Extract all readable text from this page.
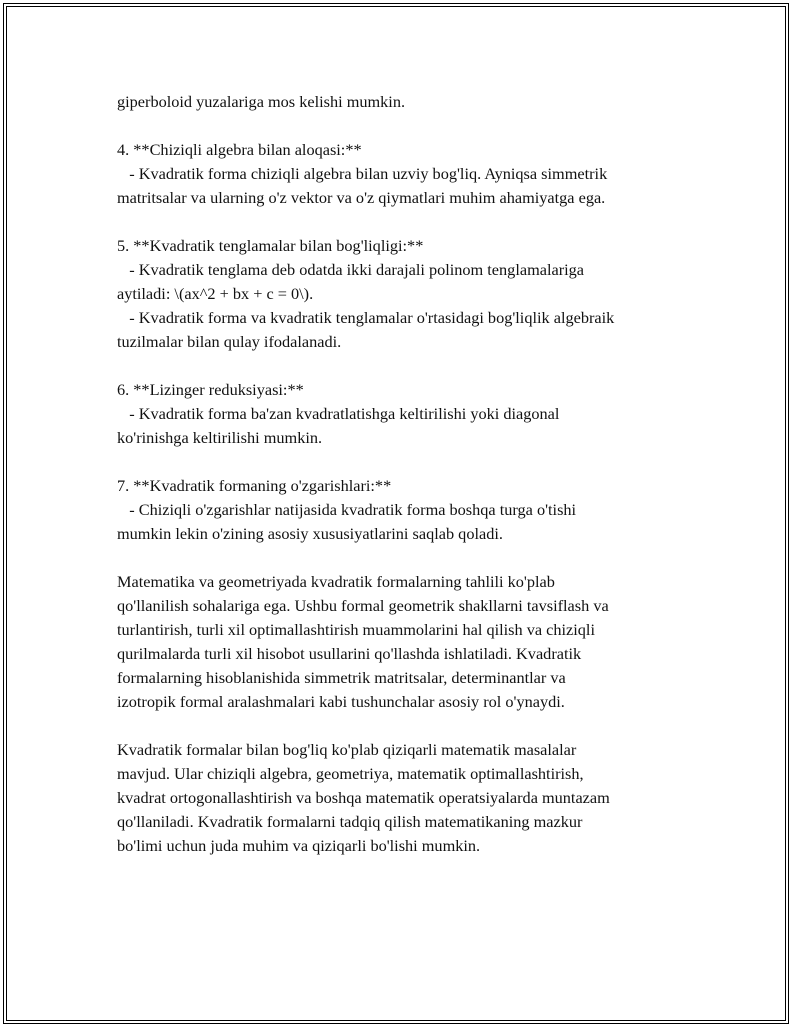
giperboloid yuzalariga mos kelishi mumkin.
4. **Chiziqli algebra bilan aloqasi:**
- Kvadratik forma chiziqli algebra bilan uzviy bog'liq. Ayniqsa simmetrik
matritsalar va ularning o'z vektor va o'z qiymatlari muhim ahamiyatga ega.
5. **Kvadratik tenglamalar bilan bog'liqligi:**
- Kvadratik tenglama deb odatda ikki darajali polinom tenglamalariga
aytiladi: \(ax^2 + bx + c = 0\).
- Kvadratik forma va kvadratik tenglamalar o'rtasidagi bog'liqlik algebraik
tuzilmalar bilan qulay ifodalanadi.
6. **Lizinger reduksiyasi:**
- Kvadratik forma ba'zan kvadratlatishga keltirilishi yoki diagonal
ko'rinishga keltirilishi mumkin.
7. **Kvadratik formaning o'zgarishlari:**
- Chiziqli o'zgarishlar natijasida kvadratik forma boshqa turga o'tishi
mumkin lekin o'zining asosiy xususiyatlarini saqlab qoladi.
Matematika va geometriyada kvadratik formalarning tahlili ko'plab
qo'llanilish sohalariga ega. Ushbu formal geometrik shakllarni tavsiflash va
turlantirish, turli xil optimallashtirish muammolarini hal qilish va chiziqli
qurilmalarda turli xil hisobot usullarini qo'llashda ishlatiladi. Kvadratik
formalarning hisoblanishida simmetrik matritsalar, determinantlar va
izotropik formal aralashmalari kabi tushunchalar asosiy rol o'ynaydi.
Kvadratik formalar bilan bog'liq ko'plab qiziqarli matematik masalalar
mavjud. Ular chiziqli algebra, geometriya, matematik optimallashtirish,
kvadrat ortogonallashtirish va boshqa matematik operatsiyalarda muntazam
qo'llaniladi. Kvadratik formalarni tadqiq qilish matematikaning mazkur
bo'limi uchun juda muhim va qiziqarli bo'lishi mumkin.
